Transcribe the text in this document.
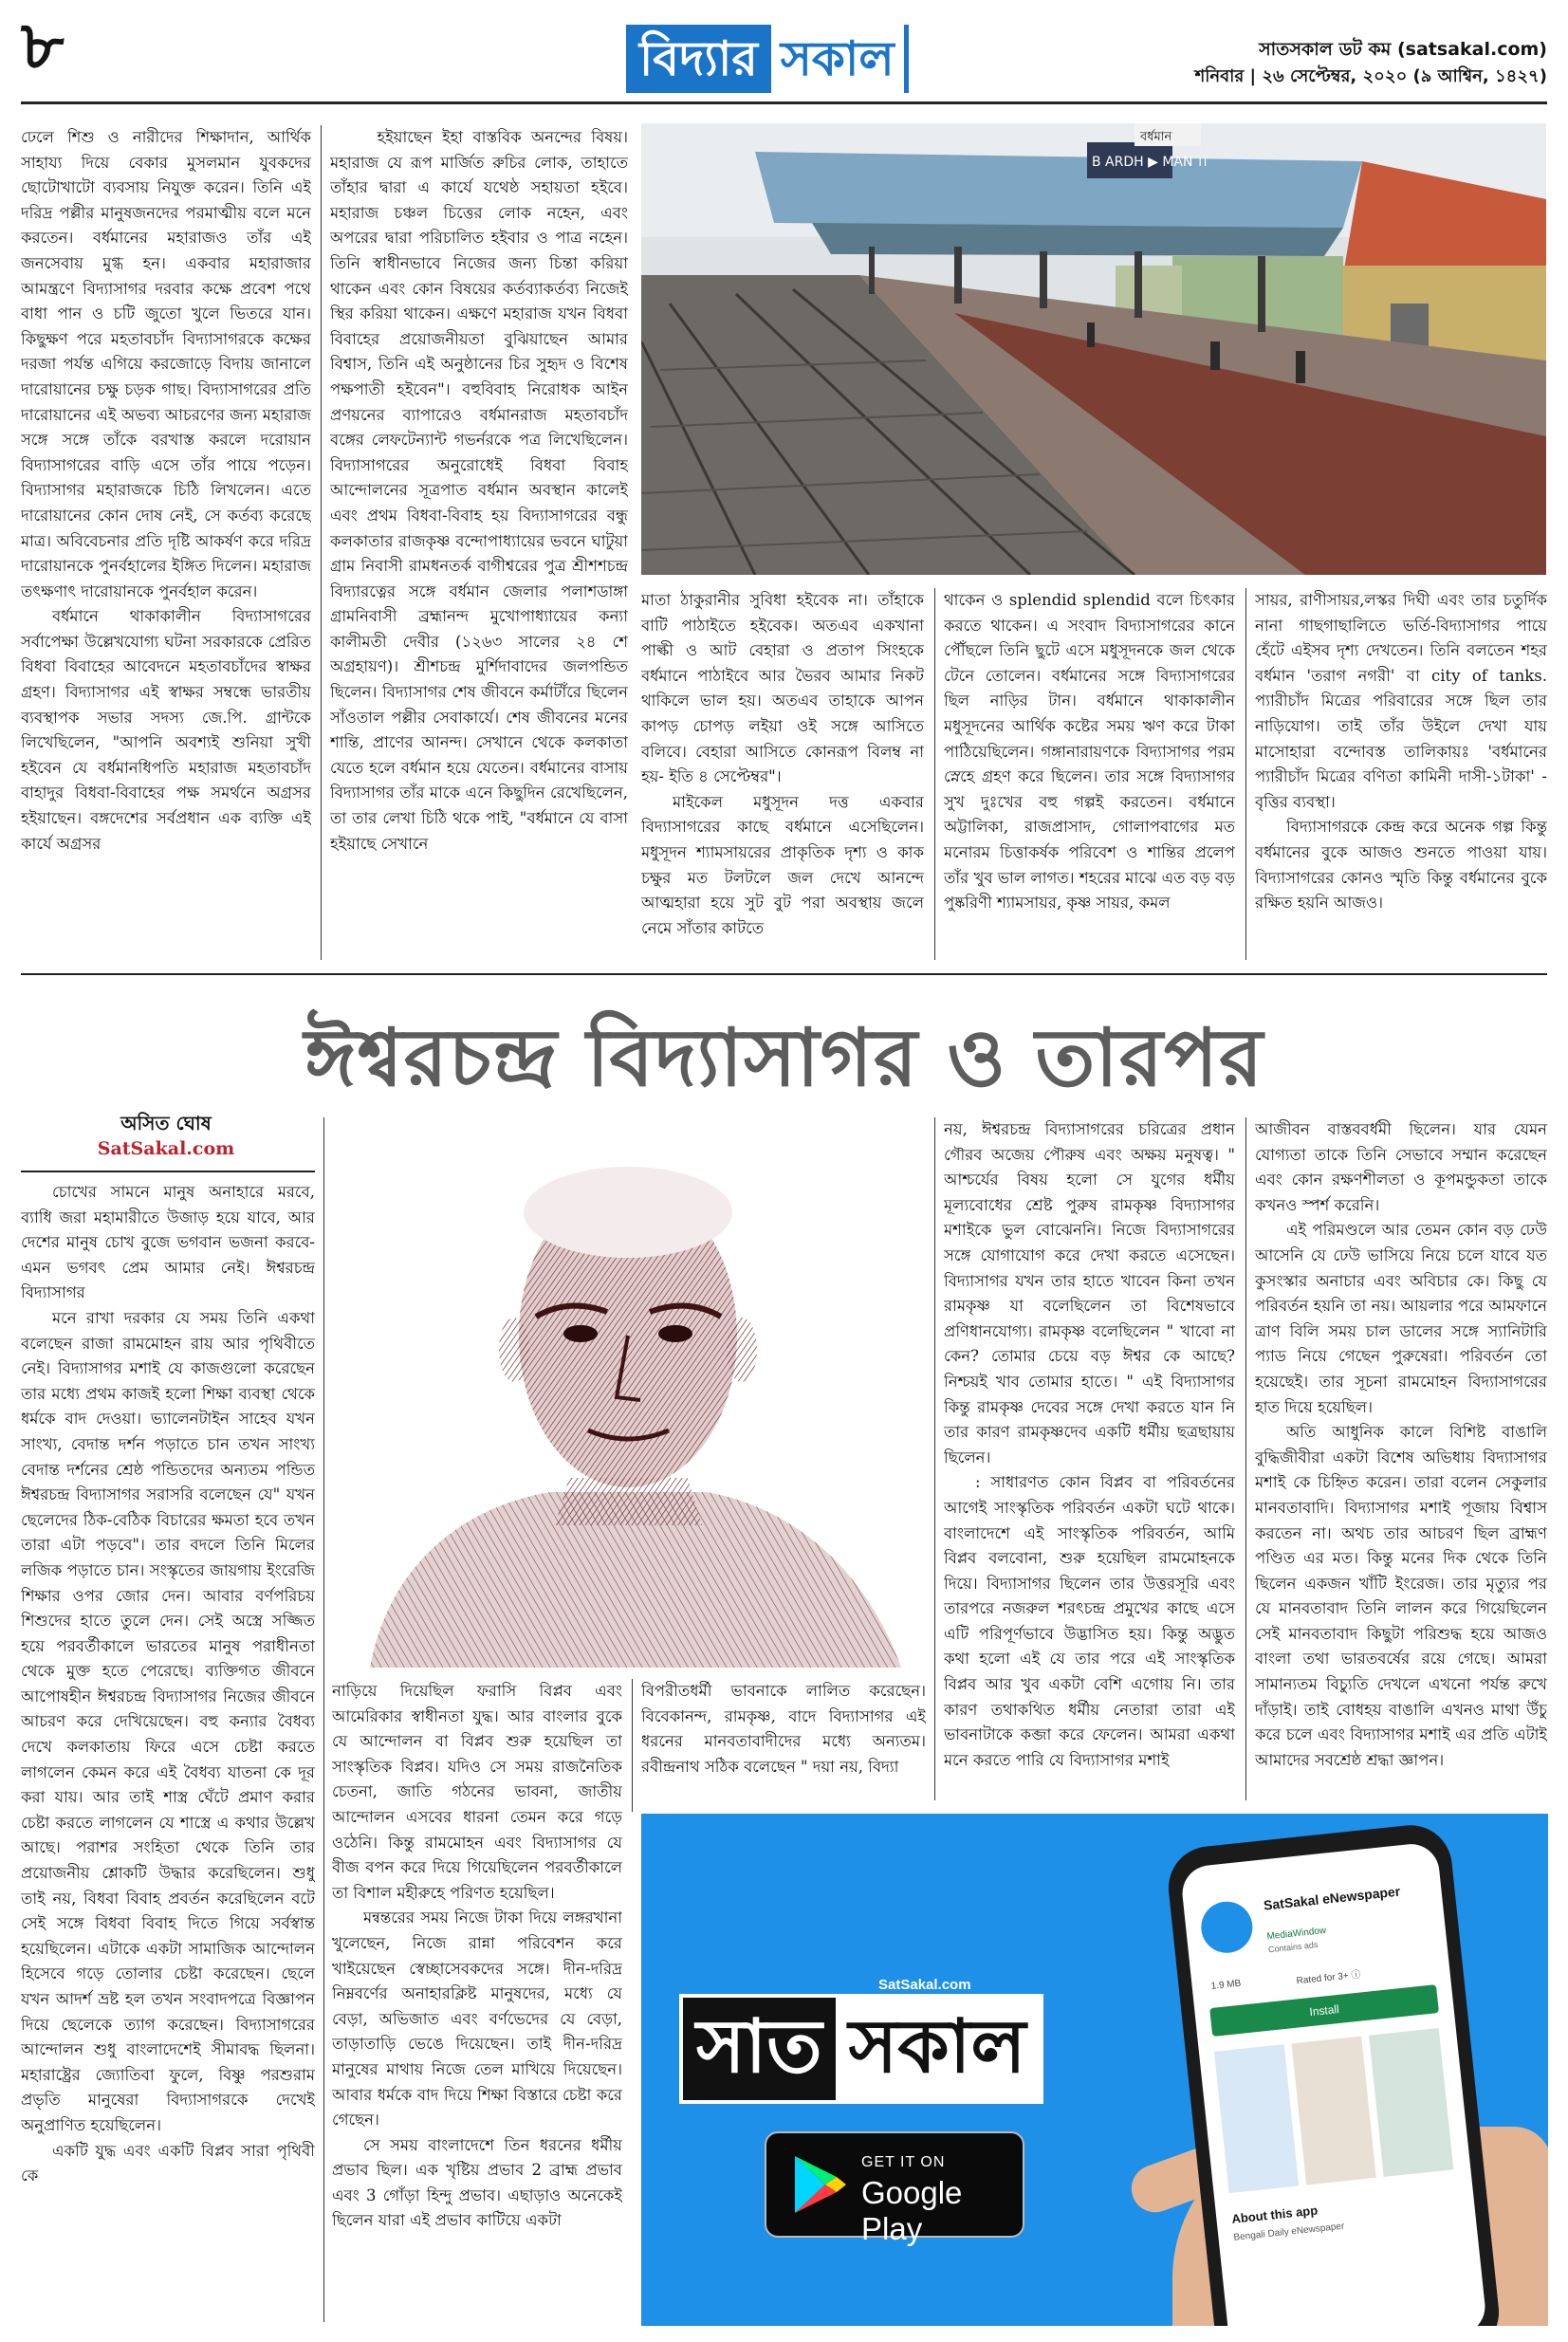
৮	বিদ্যার সকাল	সাতসকাল ডট কম (satsakal.com)
শনিবার | ২৬ সেপ্টেম্বর, ২০২০ (৯ আশ্বিন, ১৪২৭)

ঢেলে শিশু ও নারীদের শিক্ষাদান, আর্থিক সাহায্য দিয়ে বেকার মুসলমান যুবকদের ছোটোখাটো ব্যবসায় নিযুক্ত করেন। তিনি এই দরিদ্র পল্লীর মানুষজনদের পরমাত্মীয় বলে মনে করতেন। বর্ধমানের মহারাজও তাঁর এই জনসেবায় মুগ্ধ হন। একবার মহারাজার আমন্ত্রণে বিদ্যাসাগর দরবার কক্ষে প্রবেশ পথে বাধা পান ও চটি জুতো খুলে ভিতরে যান। কিছুক্ষণ পরে মহতাবচাঁদ বিদ্যাসাগরকে কক্ষের দরজা পর্যন্ত এগিয়ে করজোড়ে বিদায় জানালে দারোয়ানের চক্ষু চড়ক গাছ। বিদ্যাসাগরের প্রতি দারোয়ানের এই অভব্য আচরণের জন্য মহারাজ সঙ্গে সঙ্গে তাঁকে বরখাস্ত করলে দরোয়ান বিদ্যাসাগরের বাড়ি এসে তাঁর পায়ে পড়েন। বিদ্যাসাগর মহারাজকে চিঠি লিখলেন। এতে দারোয়ানের কোন দোষ নেই, সে কর্তব্য করেছে মাত্র। অবিবেচনার প্রতি দৃষ্টি আকর্ষণ করে দরিদ্র দারোয়ানকে পুনর্বহালের ইঙ্গিত দিলেন। মহারাজ তৎক্ষণাৎ দারোয়ানকে পুনর্বহাল করেন।

বর্ধমানে থাকাকালীন বিদ্যাসাগরের সর্বাপেক্ষা উল্লেখযোগ্য ঘটনা সরকারকে প্রেরিত বিধবা বিবাহের আবেদনে মহতাবচাঁদের স্বাক্ষর গ্রহণ। বিদ্যাসাগর এই স্বাক্ষর সম্বন্ধে ভারতীয় ব্যবস্থাপক সভার সদস্য জে.পি. গ্রান্টকে লিখেছিলেন, "আপনি অবশ্যই শুনিয়া সুখী হইবেন যে বর্ধমানধিপতি মহারাজ মহতাবচাঁদ বাহাদুর বিধবা-বিবাহের পক্ষ সমর্থনে অগ্রসর হইয়াছেন। বঙ্গদেশের সর্বপ্রধান এক ব্যক্তি এই কার্যে অগ্রসর

হইয়াছেন ইহা বাস্তবিক অনন্দের বিষয়।মহারাজ যে রূপ মার্জিত রুচির লোক, তাহাতে তাঁহার দ্বারা এ কার্যে যথেষ্ঠ সহায়তা হইবে। মহারাজ চঞ্চল চিত্তের লোক নহেন, এবং অপরের দ্বারা পরিচালিত হইবার ও পাত্র নহেন। তিনি স্বাধীনভাবে নিজের জন্য চিন্তা করিয়া থাকেন এবং কোন বিষয়ের কর্তব্যাকর্তব্য নিজেই স্থির করিয়া থাকেন। এক্ষণে মহারাজ যখন বিধবা বিবাহের প্রয়োজনীয়তা বুঝিয়াছেন আমার বিশ্বাস, তিনি এই অনুষ্ঠানের চির সুহৃদ ও বিশেষ পক্ষপাতী হইবেন"। বহুবিবাহ নিরোধক আইন প্রণয়নের ব্যাপারেও বর্ধমানরাজ মহতাবচাঁদ বঙ্গের লেফটেন্যান্ট গভর্নরকে পত্র লিখেছিলেন। বিদ্যাসাগরের অনুরোধেই বিধবা বিবাহ আন্দোলনের সূত্রপাত বর্ধমান অবস্থান কালেই এবং প্রথম বিধবা-বিবাহ হয় বিদ্যাসাগরের বন্ধু কলকাতার রাজকৃষ্ণ বন্দোপাধ্যায়ের ভবনে ঘাটুয়া গ্রাম নিবাসী রামধনতর্ক বাগীশ্বরের পুত্র শ্রীশশচন্দ্র বিদ্যারত্নের সঙ্গে বর্ধমান জেলার পলাশডাঙ্গা গ্রামনিবাসী ব্রহ্মানন্দ মুখোপাধ্যায়ের কন্যা কালীমতী দেবীর (১২৬৩ সালের ২৪ শে অগ্রহায়ণ)। শ্রীশচন্দ্র মুর্শিদাবাদের জলপন্ডিত ছিলেন। বিদ্যাসাগর শেষ জীবনে কর্মাটাঁরে ছিলেন সাঁওতাল পল্লীর সেবাকার্যে। শেষ জীবনের মনের শান্তি, প্রাণের আনন্দ। সেখানে থেকে কলকাতা যেতে হলে বর্ধমান হয়ে যেতেন। বর্ধমানের বাসায় বিদ্যাসাগর তাঁর মাকে এনে কিছুদিন রেখেছিলেন, তা তার লেখা চিঠি থকে পাই, "বর্ধমানে যে বাসা হইয়াছে সেখানে

B ARDH ▶ MAN ।।
বর্ধমান

মাতা ঠাকুরানীর সুবিধা হইবেক না। তাঁহাকে বাটি পাঠাইতে হইবেক। অতএব একখানা পাল্কী ও আট বেহারা ও প্রতাপ সিংহকে বর্ধমানে পাঠাইবে আর ভৈরব আমার নিকট থাকিলে ভাল হয়। অতএব তাহাকে আপন কাপড় চোপড় লইয়া ওই সঙ্গে আসিতে বলিবে। বেহারা আসিতে কোনরূপ বিলম্ব না হয়- ইতি ৪ সেপ্টেম্বর"।

মাইকেল মধুসূদন দত্ত একবার বিদ্যাসাগরের কাছে বর্ধমানে এসেছিলেন। মধুসূদন শ্যামসায়রের প্রাকৃতিক দৃশ্য ও কাক চক্ষুর মত টলটলে জল দেখে আনন্দে আত্মহারা হয়ে সুট বুট পরা অবস্থায় জলে নেমে সাঁতার কাটতে

থাকেন ও splendid splendid বলে চিৎকার করতে থাকেন। এ সংবাদ বিদ্যাসাগরের কানে পৌঁছলে তিনি ছুটে এসে মধুসূদনকে জল থেকে টেনে তোলেন। বর্ধমানের সঙ্গে বিদ্যাসাগরের ছিল নাড়ির টান। বর্ধমানে থাকাকালীন মধুসূদনের আর্থিক কষ্টের সময় ঋণ করে টাকা পাঠিয়েছিলেন। গঙ্গানারায়ণকে বিদ্যাসাগর পরম স্নেহে গ্রহণ করে ছিলেন। তার সঙ্গে বিদ্যাসাগর সুখ দুঃখের বহু গল্পই করতেন। বর্ধমানে অট্টালিকা, রাজপ্রাসাদ, গোলাপবাগের মত মনোরম চিত্তাকর্ষক পরিবেশ ও শান্তির প্রলেপ তাঁর খুব ভাল লাগত। শহরের মাঝে এত বড় বড় পুষ্করিণী শ্যামসায়র, কৃষ্ণ সায়র, কমল

সায়র, রাণীসায়র,লস্কর দিঘী এবং তার চতুর্দিক নানা গাছগাছালিতে ভর্তি-বিদ্যাসাগর পায়ে হেঁটে এইসব দৃশ্য দেখতেন। তিনি বলতেন শহর বর্ধমান 'তরাগ নগরী' বা city of tanks. প্যারীচাঁদ মিত্রের পরিবারের সঙ্গে ছিল তার নাড়িযোগ। তাই তাঁর উইলে দেখা যায় মাসোহারা বন্দোবস্ত তালিকায়ঃ 'বর্ধমানের প্যারীচাঁদ মিত্রের বণিতা কামিনী দাসী-১টাকা' - বৃত্তির ব্যবস্থা।

বিদ্যাসাগরকে কেন্দ্র করে অনেক গল্প কিন্তু বর্ধমানের বুকে আজও শুনতে পাওয়া যায়। বিদ্যাসাগরের কোনও স্মৃতি কিন্তু বর্ধমানের বুকে রক্ষিত হয়নি আজও।

ঈশ্বরচন্দ্র বিদ্যাসাগর ও তারপর
অসিত ঘোষ
SatSakal.com

চোখের সামনে মানুষ অনাহারে মরবে, ব্যাধি জরা মহামারীতে উজাড় হয়ে যাবে, আর দেশের মানুষ চোখ বুজে ভগবান ভজনা করবে- এমন ভগবৎ প্রেম আমার নেই। ঈশ্বরচন্দ্র বিদ্যাসাগর

মনে রাখা দরকার যে সময় তিনি একথা বলেছেন রাজা রামমোহন রায় আর পৃথিবীতে নেই। বিদ্যাসাগর মশাই যে কাজগুলো করেছেন তার মধ্যে প্রথম কাজই হলো শিক্ষা ব্যবস্থা থেকে ধর্মকে বাদ দেওয়া। ভ্যালেনটাইন সাহেব যখন সাংখ্য, বেদান্ত দর্শন পড়াতে চান তখন সাংখ্য বেদান্ত দর্শনের শ্রেষ্ঠ পন্ডিতদের অন্যতম পন্ডিত ঈশ্বরচন্দ্র বিদ্যাসাগর সরাসরি বলেছেন যে" যখন ছেলেদের ঠিক-বেঠিক বিচারের ক্ষমতা হবে তখন তারা এটা পড়বে"। তার বদলে তিনি মিলের লজিক পড়াতে চান। সংস্কৃতের জায়গায় ইংরেজি শিক্ষার ওপর জোর দেন। আবার বর্ণপরিচয় শিশুদের হাতে তুলে দেন। সেই অস্ত্রে সজ্জিত হয়ে পরবর্তীকালে ভারতের মানুষ পরাধীনতা থেকে মুক্ত হতে পেরেছে। ব্যক্তিগত জীবনে আপোষহীন ঈশ্বরচন্দ্র বিদ্যাসাগর নিজের জীবনে আচরণ করে দেখিয়েছেন। বহু কন্যার বৈধব্য দেখে কলকাতায় ফিরে এসে চেষ্টা করতে লাগলেন কেমন করে এই বৈধব্য যাতনা কে দূর করা যায়। আর তাই শাস্ত্র ঘেঁটে প্রমাণ করার চেষ্টা করতে লাগলেন যে শাস্ত্রে এ কথার উল্লেখ আছে। পরাশর সংহিতা থেকে তিনি তার প্রয়োজনীয় শ্লোকটি উদ্ধার করেছিলেন। শুধু তাই নয়, বিধবা বিবাহ প্রবর্তন করেছিলেন বটে সেই সঙ্গে বিধবা বিবাহ দিতে গিয়ে সর্বস্বান্ত হয়েছিলেন। এটাকে একটা সামাজিক আন্দোলন হিসেবে গড়ে তোলার চেষ্টা করেছেন। ছেলে যখন আদর্শ ভ্রষ্ট হল তখন সংবাদপত্রে বিজ্ঞাপন দিয়ে ছেলেকে ত্যাগ করেছেন। বিদ্যাসাগরের আন্দোলন শুধু বাংলাদেশেই সীমাবদ্ধ ছিলনা। মহারাষ্ট্রের জ্যোতিবা ফুলে, বিষ্ণু পরশুরাম প্রভৃতি মানুষেরা বিদ্যাসাগরকে দেখেই অনুপ্রাণিত হয়েছিলেন।

একটি যুদ্ধ এবং একটি বিপ্লব সারা পৃথিবী কে

নাড়িয়ে দিয়েছিল ফরাসি বিপ্লব এবং আমেরিকার স্বাধীনতা যুদ্ধ। আর বাংলার বুকে যে আন্দোলন বা বিপ্লব শুরু হয়েছিল তা সাংস্কৃতিক বিপ্লব। যদিও সে সময় রাজনৈতিক চেতনা, জাতি গঠনের ভাবনা, জাতীয় আন্দোলন এসবের ধারনা তেমন করে গড়ে ওঠেনি। কিন্তু রামমোহন এবং বিদ্যাসাগর যে বীজ বপন করে দিয়ে গিয়েছিলেন পরবর্তীকালে তা বিশাল মহীরুহে পরিণত হয়েছিল।

মন্বন্তরের সময় নিজে টাকা দিয়ে লঙ্গরখানা খুলেছেন, নিজে রান্না পরিবেশন করে খাইয়েছেন স্বেচ্ছাসেবকদের সঙ্গে। দীন-দরিদ্র নিম্নবর্ণের অনাহারক্লিষ্ট মানুষদের, মধ্যে যে বেড়া, অভিজাত এবং বর্ণভেদের যে বেড়া, তাড়াতাড়ি ভেঙে দিয়েছেন। তাই দীন-দরিদ্র মানুষের মাথায় নিজে তেল মাখিয়ে দিয়েছেন। আবার ধর্মকে বাদ দিয়ে শিক্ষা বিস্তারে চেষ্টা করে গেছেন।

সে সময় বাংলাদেশে তিন ধরনের ধর্মীয় প্রভাব ছিল। এক খৃষ্টিয় প্রভাব 2 ব্রাহ্ম প্রভাব এবং 3 গোঁড়া হিন্দু প্রভাব। এছাড়াও অনেকেই ছিলেন যারা এই প্রভাব কাটিয়ে একটা

বিপরীতধর্মী ভাবনাকে লালিত করেছেন। বিবেকানন্দ, রামকৃষ্ণ, বাদে বিদ্যাসাগর এই ধরনের মানবতাবাদীদের মধ্যে অন্যতম। রবীন্দ্রনাথ সঠিক বলেছেন " দয়া নয়, বিদ্যা

নয়, ঈশ্বরচন্দ্র বিদ্যাসাগরের চরিত্রের প্রধান গৌরব অজেয় পৌরুষ এবং অক্ষয় মনুষত্ব। " আশ্চর্যের বিষয় হলো সে যুগের ধর্মীয় মূল্যবোধের শ্রেষ্ট পুরুষ রামকৃষ্ণ বিদ্যাসাগর মশাইকে ভুল বোঝেননি। নিজে বিদ্যাসাগরের সঙ্গে যোগাযোগ করে দেখা করতে এসেছেন। বিদ্যাসাগর যখন তার হাতে খাবেন কিনা তখন রামকৃষ্ণ যা বলেছিলেন তা বিশেষভাবে প্রণিধানযোগ্য। রামকৃষ্ণ বলেছিলেন " খাবো না কেন? তোমার চেয়ে বড় ঈশ্বর কে আছে? নিশ্চয়ই খাব তোমার হাতে। " এই বিদ্যাসাগর কিন্তু রামকৃষ্ণ দেবের সঙ্গে দেখা করতে যান নি তার কারণ রামকৃষ্ণদেব একটি ধর্মীয় ছত্রছায়ায় ছিলেন।

: সাধারণত কোন বিপ্লব বা পরিবর্তনের আগেই সাংস্কৃতিক পরিবর্তন একটা ঘটে থাকে। বাংলাদেশে এই সাংস্কৃতিক পরিবর্তন, আমি বিপ্লব বলবোনা, শুরু হয়েছিল রামমোহনকে দিয়ে। বিদ্যাসাগর ছিলেন তার উত্তরসূরি এবং তারপরে নজরুল শরৎচন্দ্র প্রমুখের কাছে এসে এটি পরিপূর্ণভাবে উদ্ভাসিত হয়। কিন্তু অদ্ভুত কথা হলো এই যে তার পরে এই সাংস্কৃতিক বিপ্লব আর খুব একটা বেশি এগোয় নি। তার কারণ তথাকথিত ধর্মীয় নেতারা তারা এই ভাবনাটাকে কব্জা করে ফেলেন। আমরা একথা মনে করতে পারি যে বিদ্যাসাগর মশাই

আজীবন বাস্তববর্ধমী ছিলেন। যার যেমন যোগ্যতা তাকে তিনি সেভাবে সম্মান করেছেন এবং কোন রক্ষণশীলতা ও কূপমন্ডুকতা তাকে কখনও স্পর্শ করেনি।

এই পরিমণ্ডলে আর তেমন কোন বড় ঢেউ আসেনি যে ঢেউ ভাসিয়ে নিয়ে চলে যাবে যত কুসংস্কার অনাচার এবং অবিচার কে। কিছু যে পরিবর্তন হয়নি তা নয়। আয়লার পরে আমফানে ত্রাণ বিলি সময় চাল ডালের সঙ্গে স্যানিটারি প্যাড নিয়ে গেছেন পুরুষেরা। পরিবর্তন তো হয়েছেই। তার সূচনা রামমোহন বিদ্যাসাগরের হাত দিয়ে হয়েছিল।

অতি আধুনিক কালে বিশিষ্ট বাঙালি বুদ্ধিজীবীরা একটা বিশেষ অভিধায় বিদ্যাসাগর মশাই কে চিহ্নিত করেন। তারা বলেন সেকুলার মানবতাবাদি। বিদ্যাসাগর মশাই পূজায় বিশ্বাস করতেন না। অথচ তার আচরণ ছিল ব্রাহ্মণ পণ্ডিত এর মত। কিন্তু মনের দিক থেকে তিনি ছিলেন একজন খাঁটি ইংরেজ। তার মৃত্যুর পর যে মানবতাবাদ তিনি লালন করে গিয়েছিলেন সেই মানবতাবাদ কিছুটা পরিশুদ্ধ হয়ে আজও বাংলা তথা ভারতবর্ষের রয়ে গেছে। আমরা সামান্যতম বিচ্যুতি দেখলে এখনো পর্যন্ত রুখে দাঁড়াই। তাই বোধহয় বাঙালি এখনও মাথা উঁচু করে চলে এবং বিদ্যাসাগর মশাই এর প্রতি এটাই আমাদের সবশ্রেষ্ঠ শ্রদ্ধা জ্ঞাপন।

SatSakal.com
সাত সকাল
GET IT ON
Google Play
SatSakal eNewspaper
MediaWindow
Contains ads
1.9 MB	Rated for 3+ ⓘ
Install
About this app
Bengali Daily eNewspaper
